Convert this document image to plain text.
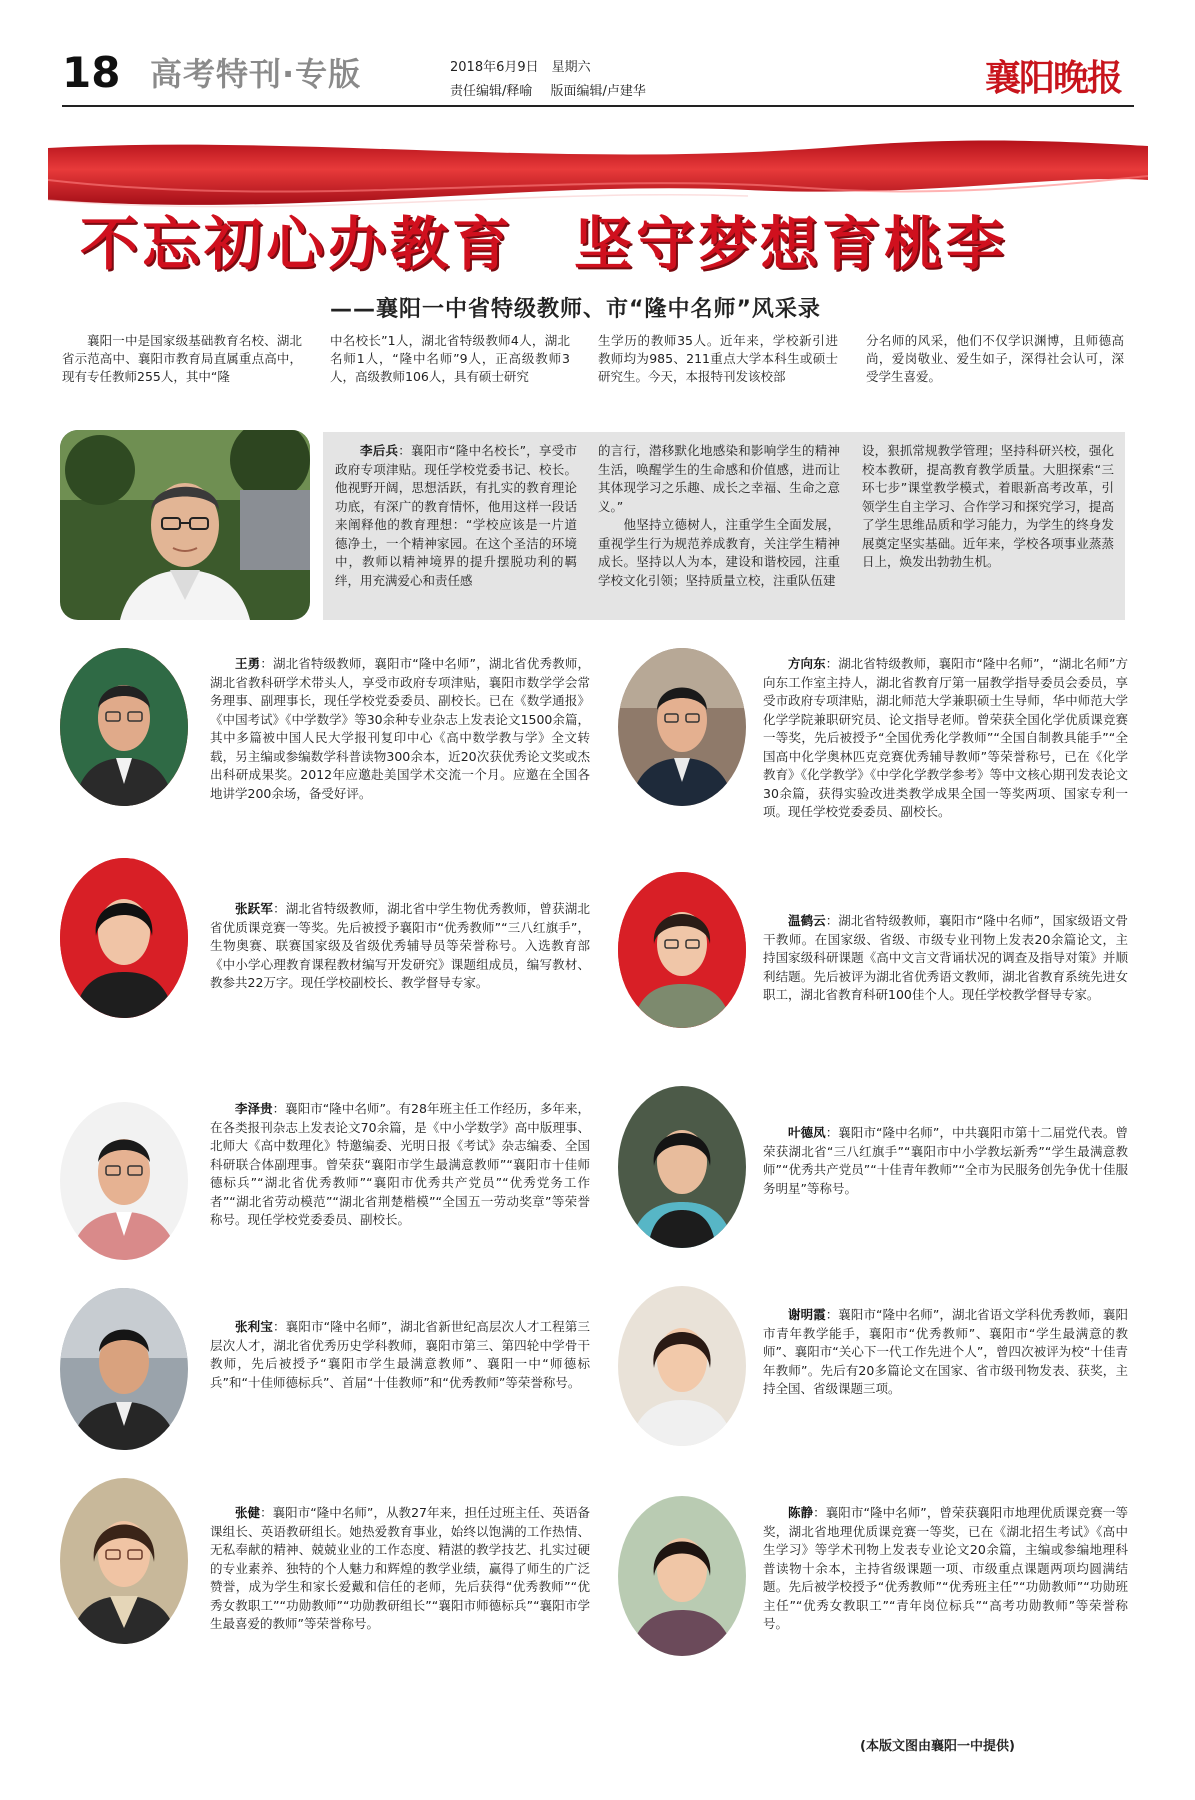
18 高考特刊·专版	2018年6月9日　星期六
责任编辑/释喻 版面编辑/卢建华	襄阳晚报
不忘初心办教育 坚守梦想育桃李
——襄阳一中省特级教师、市“隆中名师”风采录
襄阳一中是国家级基础教育名校、湖北省示范高中、襄阳市教育局直属重点高中，现有专任教师255人，其中“隆
中名校长”1人，湖北省特级教师4人，湖北名师1人，“隆中名师”9人，正高级教师3人，高级教师106人，具有硕士研究
生学历的教师35人。近年来，学校新引进教师均为985、211重点大学本科生或硕士研究生。今天，本报特刊发该校部
分名师的风采，他们不仅学识渊博，且师德高尚，爱岗敬业、爱生如子，深得社会认可，深受学生喜爱。
李后兵：襄阳市“隆中名校长”，享受市政府专项津贴。现任学校党委书记、校长。他视野开阔，思想活跃，有扎实的教育理论功底，有深广的教育情怀，他用这样一段话来阐释他的教育理想：“学校应该是一片道德净土，一个精神家园。在这个圣洁的环境中，教师以精神境界的提升摆脱功利的羁绊，用充满爱心和责任感
的言行，潜移默化地感染和影响学生的精神生活，唤醒学生的生命感和价值感，进而让其体现学习之乐趣、成长之幸福、生命之意义。”
　　他坚持立德树人，注重学生全面发展，重视学生行为规范养成教育，关注学生精神成长。坚持以人为本，建设和谐校园，注重学校文化引领；坚持质量立校，注重队伍建
设，狠抓常规教学管理；坚持科研兴校，强化校本教研，提高教育教学质量。大胆探索“三环七步”课堂教学模式，着眼新高考改革，引领学生自主学习、合作学习和探究学习，提高了学生思维品质和学习能力，为学生的终身发展奠定坚实基础。近年来，学校各项事业蒸蒸日上，焕发出勃勃生机。
王勇：湖北省特级教师，襄阳市“隆中名师”，湖北省优秀教师，湖北省教科研学术带头人，享受市政府专项津贴，襄阳市数学学会常务理事、副理事长，现任学校党委委员、副校长。已在《数学通报》《中国考试》《中学数学》等30余种专业杂志上发表论文1500余篇，其中多篇被中国人民大学报刊复印中心《高中数学教与学》全文转载，另主编或参编数学科普读物300余本，近20次获优秀论文奖或杰出科研成果奖。2012年应邀赴美国学术交流一个月。应邀在全国各地讲学200余场，备受好评。
方向东：湖北省特级教师，襄阳市“隆中名师”，“湖北名师”方向东工作室主持人，湖北省教育厅第一届教学指导委员会委员，享受市政府专项津贴，湖北师范大学兼职硕士生导师，华中师范大学化学学院兼职研究员、论文指导老师。曾荣获全国化学优质课竞赛一等奖，先后被授予“全国优秀化学教师”“全国自制教具能手”“全国高中化学奥林匹克竞赛优秀辅导教师”等荣誉称号，已在《化学教育》《化学教学》《中学化学教学参考》等中文核心期刊发表论文30余篇，获得实验改进类教学成果全国一等奖两项、国家专利一项。现任学校党委委员、副校长。
张跃军：湖北省特级教师，湖北省中学生物优秀教师，曾获湖北省优质课竞赛一等奖。先后被授予襄阳市“优秀教师”“三八红旗手”，生物奥赛、联赛国家级及省级优秀辅导员等荣誉称号。入选教育部《中小学心理教育课程教材编写开发研究》课题组成员，编写教材、教参共22万字。现任学校副校长、教学督导专家。
温鹤云：湖北省特级教师，襄阳市“隆中名师”，国家级语文骨干教师。在国家级、省级、市级专业刊物上发表20余篇论文，主持国家级科研课题《高中文言文背诵状况的调查及指导对策》并顺利结题。先后被评为湖北省优秀语文教师，湖北省教育系统先进女职工，湖北省教育科研100佳个人。现任学校教学督导专家。
李泽贵：襄阳市“隆中名师”。有28年班主任工作经历，多年来，在各类报刊杂志上发表论文70余篇，是《中小学数学》高中版理事、北师大《高中数理化》特邀编委、光明日报《考试》杂志编委、全国科研联合体副理事。曾荣获“襄阳市学生最满意教师”“襄阳市十佳师德标兵”“湖北省优秀教师”“襄阳市优秀共产党员”“优秀党务工作者”“湖北省劳动模范”“湖北省荆楚楷模”“全国五一劳动奖章”等荣誉称号。现任学校党委委员、副校长。
叶德凤：襄阳市“隆中名师”，中共襄阳市第十二届党代表。曾荣获湖北省“三八红旗手”“襄阳市中小学教坛新秀”“学生最满意教师”“优秀共产党员”“十佳青年教师”“全市为民服务创先争优十佳服务明星”等称号。
张利宝：襄阳市“隆中名师”，湖北省新世纪高层次人才工程第三层次人才，湖北省优秀历史学科教师，襄阳市第三、第四轮中学骨干教师，先后被授予“襄阳市学生最满意教师”、襄阳一中“师德标兵”和“十佳师德标兵”、首届“十佳教师”和“优秀教师”等荣誉称号。
谢明霞：襄阳市“隆中名师”，湖北省语文学科优秀教师，襄阳市青年教学能手，襄阳市“优秀教师”、襄阳市“学生最满意的教师”、襄阳市“关心下一代工作先进个人”，曾四次被评为校“十佳青年教师”。先后有20多篇论文在国家、省市级刊物发表、获奖，主持全国、省级课题三项。
张健：襄阳市“隆中名师”，从教27年来，担任过班主任、英语备课组长、英语教研组长。她热爱教育事业，始终以饱满的工作热情、无私奉献的精神、兢兢业业的工作态度、精湛的教学技艺、扎实过硬的专业素养、独特的个人魅力和辉煌的教学业绩，赢得了师生的广泛赞誉，成为学生和家长爱戴和信任的老师，先后获得“优秀教师”“优秀女教职工”“功勋教师”“功勋教研组长”“襄阳市师德标兵”“襄阳市学生最喜爱的教师”等荣誉称号。
陈静：襄阳市“隆中名师”，曾荣获襄阳市地理优质课竞赛一等奖，湖北省地理优质课竞赛一等奖，已在《湖北招生考试》《高中生学习》等学术刊物上发表专业论文20余篇，主编或参编地理科普读物十余本，主持省级课题一项、市级重点课题两项均圆满结题。先后被学校授予“优秀教师”“优秀班主任”“功勋教师”“功勋班主任”“优秀女教职工”“青年岗位标兵”“高考功勋教师”等荣誉称号。
(本版文图由襄阳一中提供)
